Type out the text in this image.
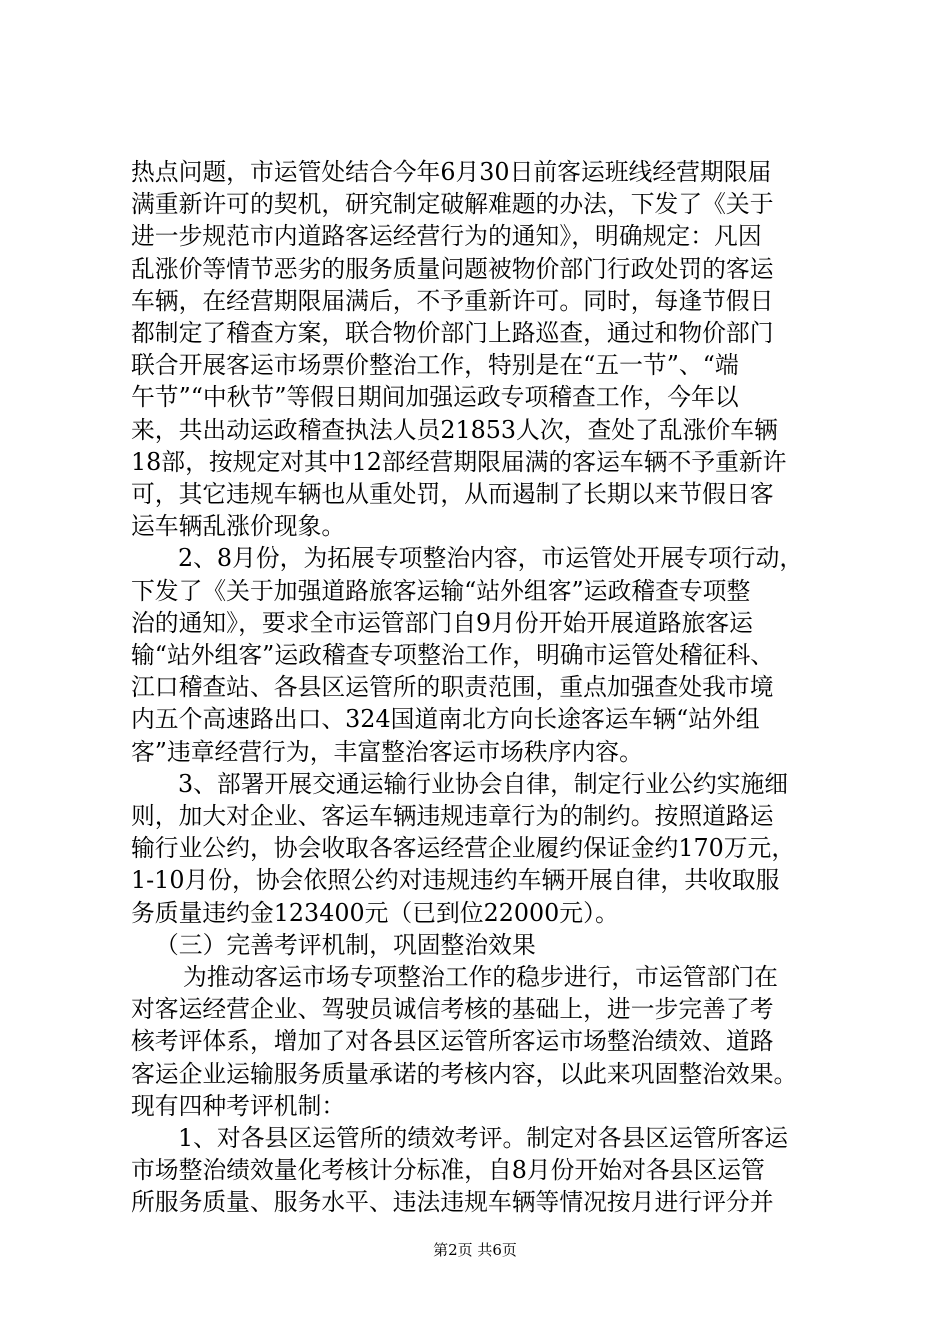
热点问题，市运管处结合今年6月30日前客运班线经营期限届
满重新许可的契机，研究制定破解难题的办法，下发了《关于
进一步规范市内道路客运经营行为的通知》，明确规定：凡因
乱涨价等情节恶劣的服务质量问题被物价部门行政处罚的客运
车辆，在经营期限届满后，不予重新许可。同时，每逢节假日
都制定了稽查方案，联合物价部门上路巡查，通过和物价部门
联合开展客运市场票价整治工作，特别是在“五一节”、“端
午节”“中秋节”等假日期间加强运政专项稽查工作，今年以
来，共出动运政稽查执法人员21853人次，查处了乱涨价车辆
18部，按规定对其中12部经营期限届满的客运车辆不予重新许
可，其它违规车辆也从重处罚，从而遏制了长期以来节假日客
运车辆乱涨价现象。
2、8月份，为拓展专项整治内容，市运管处开展专项行动，
下发了《关于加强道路旅客运输“站外组客”运政稽查专项整
治的通知》，要求全市运管部门自9月份开始开展道路旅客运
输“站外组客”运政稽查专项整治工作，明确市运管处稽征科、
江口稽查站、各县区运管所的职责范围，重点加强查处我市境
内五个高速路出口、324国道南北方向长途客运车辆“站外组
客”违章经营行为，丰富整治客运市场秩序内容。
3、部署开展交通运输行业协会自律，制定行业公约实施细
则，加大对企业、客运车辆违规违章行为的制约。按照道路运
输行业公约，协会收取各客运经营企业履约保证金约170万元，
1-10月份，协会依照公约对违规违约车辆开展自律，共收取服
务质量违约金123400元（已到位22000元）。
（三）完善考评机制，巩固整治效果
为推动客运市场专项整治工作的稳步进行，市运管部门在
对客运经营企业、驾驶员诚信考核的基础上，进一步完善了考
核考评体系，增加了对各县区运管所客运市场整治绩效、道路
客运企业运输服务质量承诺的考核内容，以此来巩固整治效果。
现有四种考评机制：
1、对各县区运管所的绩效考评。制定对各县区运管所客运
市场整治绩效量化考核计分标准，自8月份开始对各县区运管
所服务质量、服务水平、违法违规车辆等情况按月进行评分并
第2页 共6页
